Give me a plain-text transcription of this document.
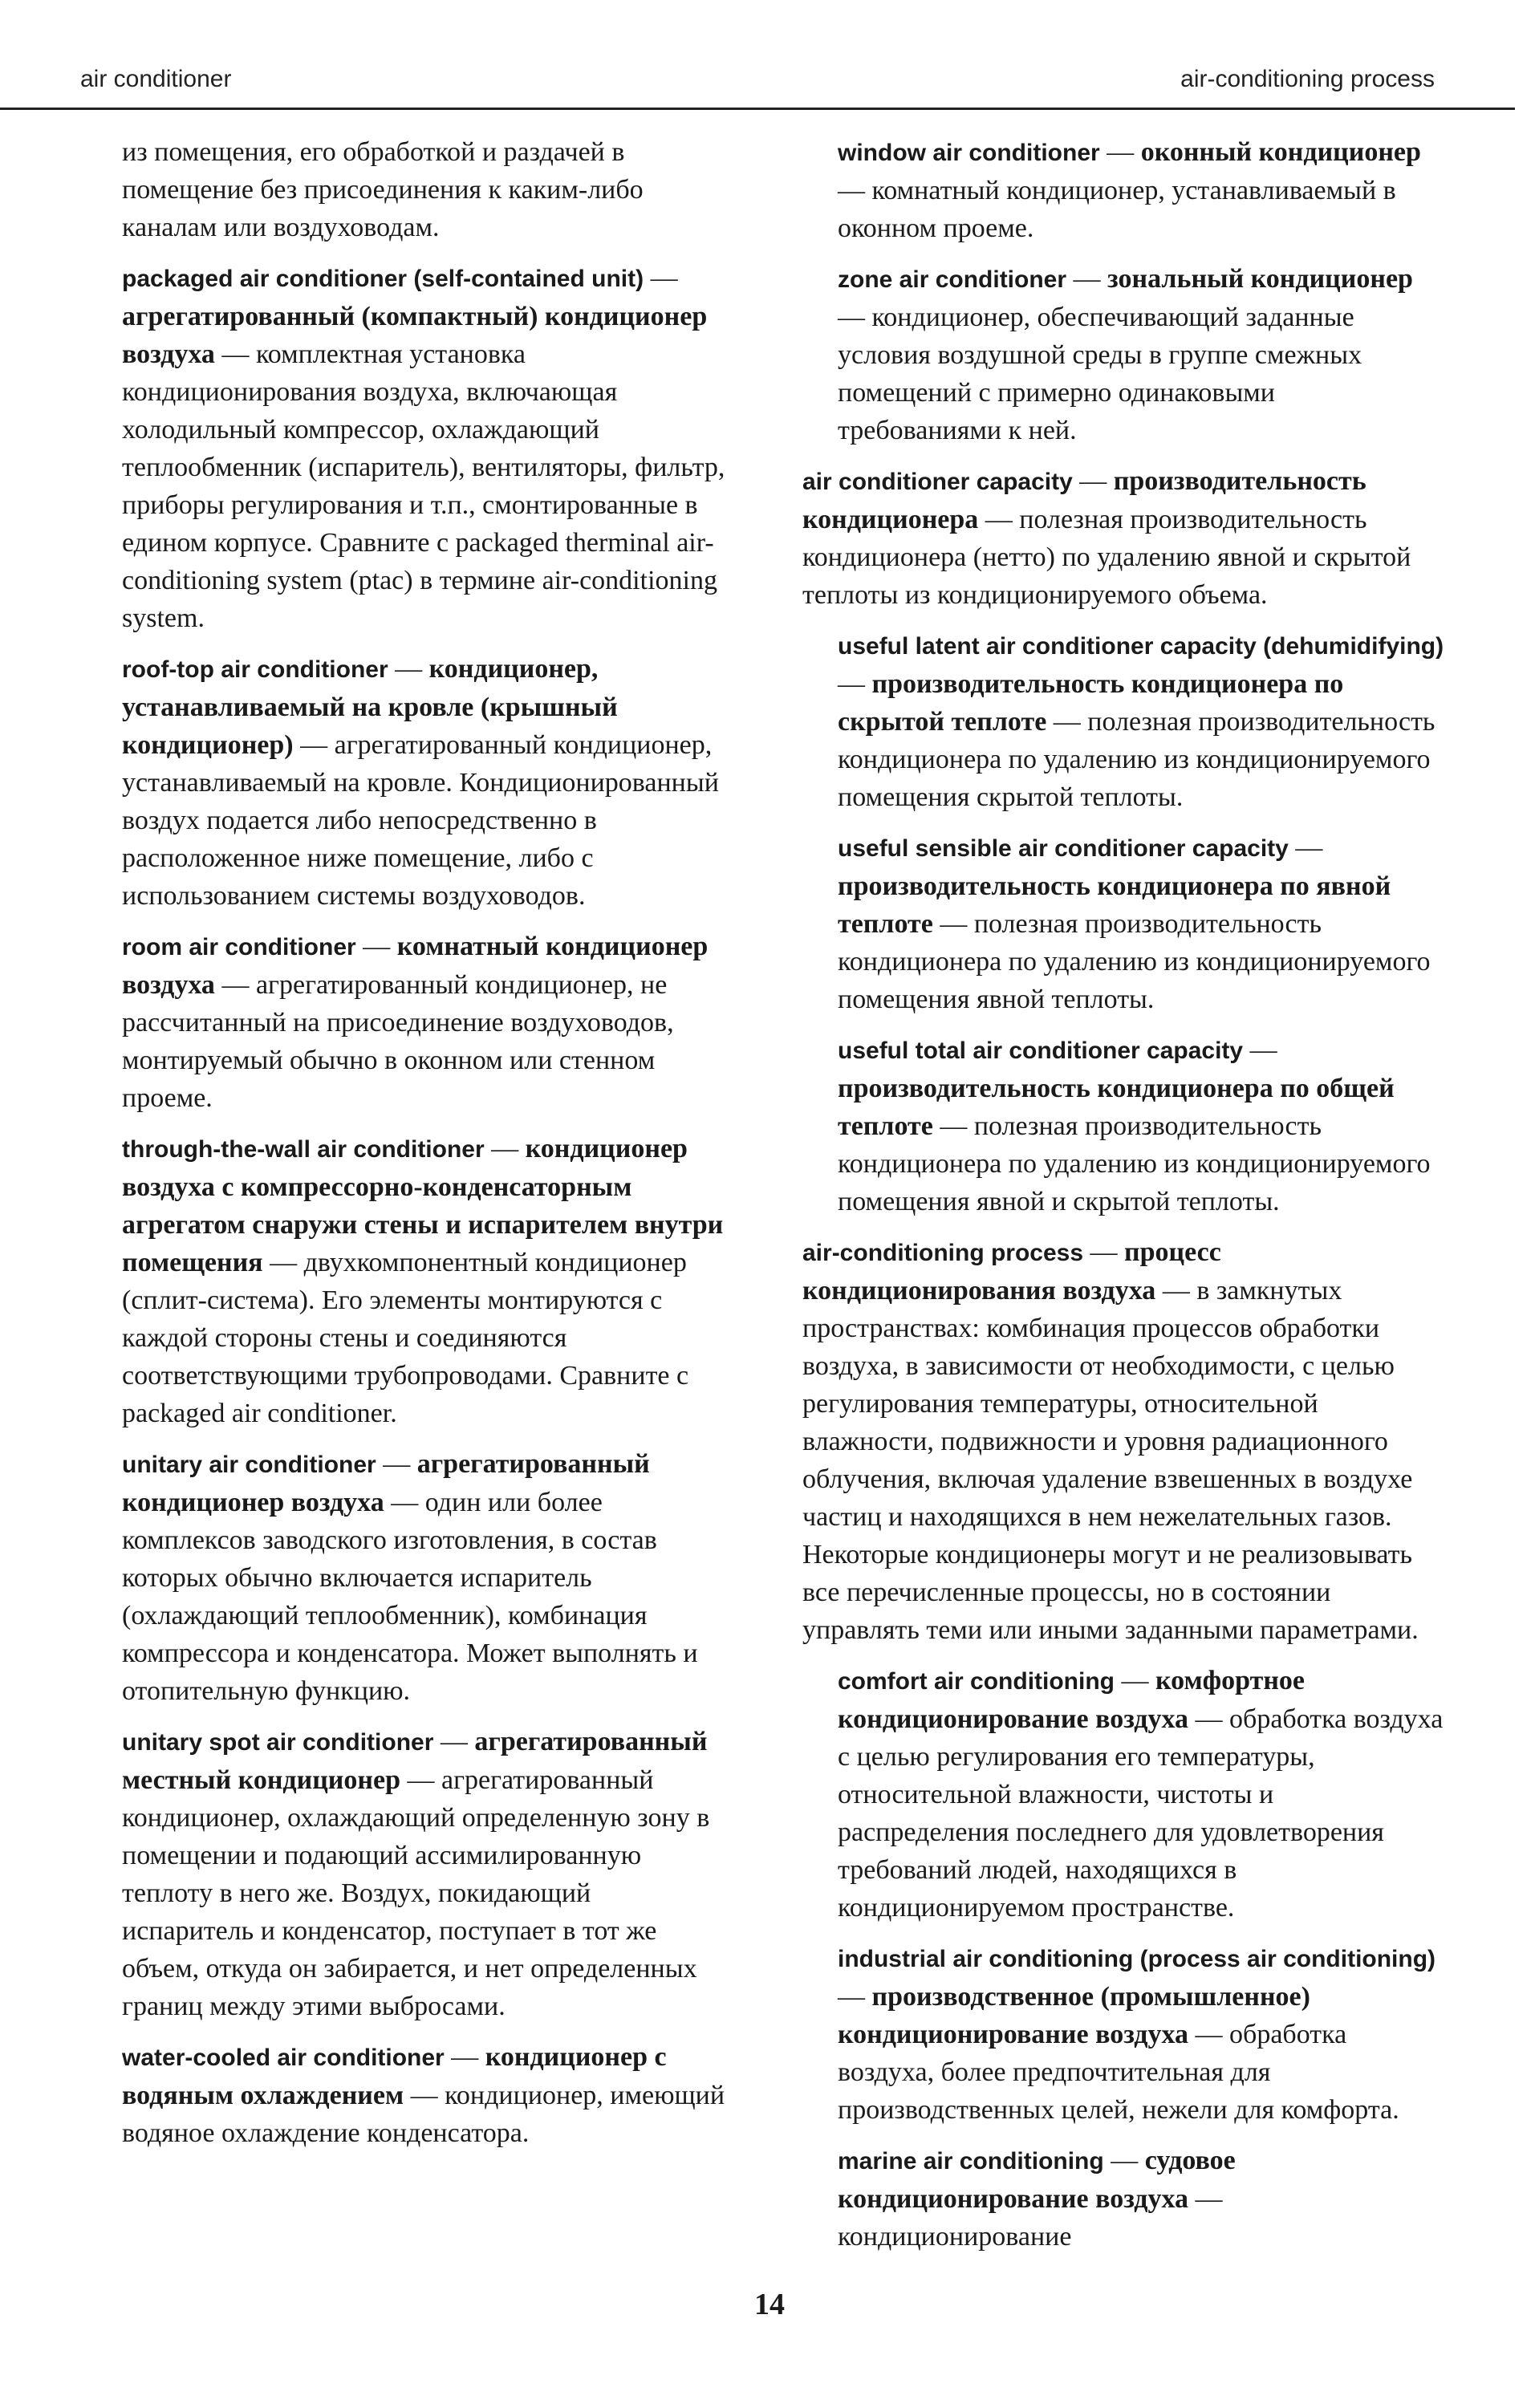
air conditioner	air-conditioning process

из помещения, его обработкой и раздачей в помещение без присоединения к каким-либо каналам или воздуховодам.

packaged air conditioner (self-contained unit) — агрегатированный (компактный) кондиционер воздуха — комплектная установка кондиционирования воздуха, включающая холодильный компрессор, охлаждающий теплообменник (испаритель), вентиляторы, фильтр, приборы регулирования и т.п., смонтированные в едином корпусе. Сравните с packaged therminal air-conditioning system (ptac) в термине air-conditioning system.

roof-top air conditioner — кондиционер, устанавливаемый на кровле (крышный кондиционер) — агрегатированный кондиционер, устанавливаемый на кровле. Кондиционированный воздух подается либо непосредственно в расположенное ниже помещение, либо с использованием системы воздуховодов.

room air conditioner — комнатный кондиционер воздуха — агрегатированный кондиционер, не рассчитанный на присоединение воздуховодов, монтируемый обычно в оконном или стенном проеме.

through-the-wall air conditioner — кондиционер воздуха с компрессорно-конденсаторным агрегатом снаружи стены и испарителем внутри помещения — двухкомпонентный кондиционер (сплит-система). Его элементы монтируются с каждой стороны стены и соединяются соответствующими трубопроводами. Сравните с packaged air conditioner.

unitary air conditioner — агрегатированный кондиционер воздуха — один или более комплексов заводского изготовления, в состав которых обычно включается испаритель (охлаждающий теплообменник), комбинация компрессора и конденсатора. Может выполнять и отопительную функцию.

unitary spot air conditioner — агрегатированный местный кондиционер — агрегатированный кондиционер, охлаждающий определенную зону в помещении и подающий ассимилированную теплоту в него же. Воздух, покидающий испаритель и конденсатор, поступает в тот же объем, откуда он забирается, и нет определенных границ между этими выбросами.

water-cooled air conditioner — кондиционер с водяным охлаждением — кондиционер, имеющий водяное охлаждение конденсатора.

window air conditioner — оконный кондиционер — комнатный кондиционер, устанавливаемый в оконном проеме.

zone air conditioner — зональный кондиционер — кондиционер, обеспечивающий заданные условия воздушной среды в группе смежных помещений с примерно одинаковыми требованиями к ней.

air conditioner capacity — производительность кондиционера — полезная производительность кондиционера (нетто) по удалению явной и скрытой теплоты из кондиционируемого объема.

useful latent air conditioner capacity (dehumidifying) — производительность кондиционера по скрытой теплоте — полезная производительность кондиционера по удалению из кондиционируемого помещения скрытой теплоты.

useful sensible air conditioner capacity — производительность кондиционера по явной теплоте — полезная производительность кондиционера по удалению из кондиционируемого помещения явной теплоты.

useful total air conditioner capacity — производительность кондиционера по общей теплоте — полезная производительность кондиционера по удалению из кондиционируемого помещения явной и скрытой теплоты.

air-conditioning process — процесс кондиционирования воздуха — в замкнутых пространствах: комбинация процессов обработки воздуха, в зависимости от необходимости, с целью регулирования температуры, относительной влажности, подвижности и уровня радиационного облучения, включая удаление взвешенных в воздухе частиц и находящихся в нем нежелательных газов. Некоторые кондиционеры могут и не реализовывать все перечисленные процессы, но в состоянии управлять теми или иными заданными параметрами.

comfort air conditioning — комфортное кондиционирование воздуха — обработка воздуха с целью регулирования его температуры, относительной влажности, чистоты и распределения последнего для удовлетворения требований людей, находящихся в кондиционируемом пространстве.

industrial air conditioning (process air conditioning) — производственное (промышленное) кондиционирование воздуха — обработка воздуха, более предпочтительная для производственных целей, нежели для комфорта.

marine air conditioning — судовое кондиционирование воздуха — кондиционирование

14
